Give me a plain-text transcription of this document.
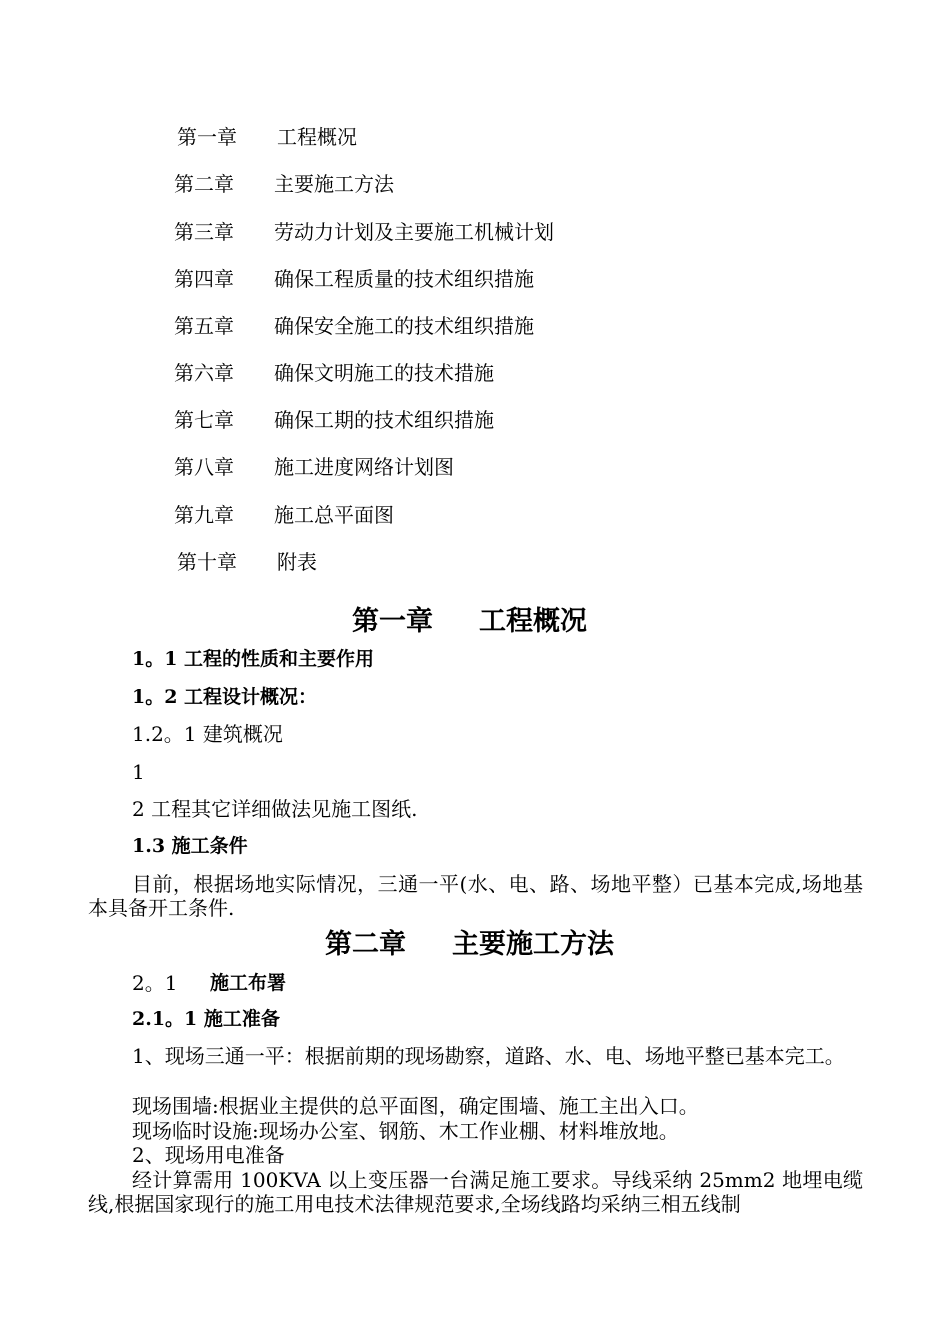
第一章 工程概况
第二章 主要施工方法
第三章 劳动力计划及主要施工机械计划
第四章 确保工程质量的技术组织措施
第五章 确保安全施工的技术组织措施
第六章 确保文明施工的技术措施
第七章 确保工期的技术组织措施
第八章 施工进度网络计划图
第九章 施工总平面图
第十章 附表
第一章 工程概况
1。1 工程的性质和主要作用
1。2 工程设计概况：
1.2。1 建筑概况
1
2 工程其它详细做法见施工图纸.
1.3 施工条件
目前，根据场地实际情况，三通一平(水、电、路、场地平整）已基本完成,场地基本具备开工条件.
第二章 主要施工方法
2。1 施工布署
2.1。1 施工准备
1、现场三通一平：根据前期的现场勘察，道路、水、电、场地平整已基本完工。
现场围墙:根据业主提供的总平面图，确定围墙、施工主出入口。
现场临时设施:现场办公室、钢筋、木工作业棚、材料堆放地。
2、现场用电准备
经计算需用 100KVA 以上变压器一台满足施工要求。导线采纳 25mm2 地埋电缆线,根据国家现行的施工用电技术法律规范要求,全场线路均采纳三相五线制
